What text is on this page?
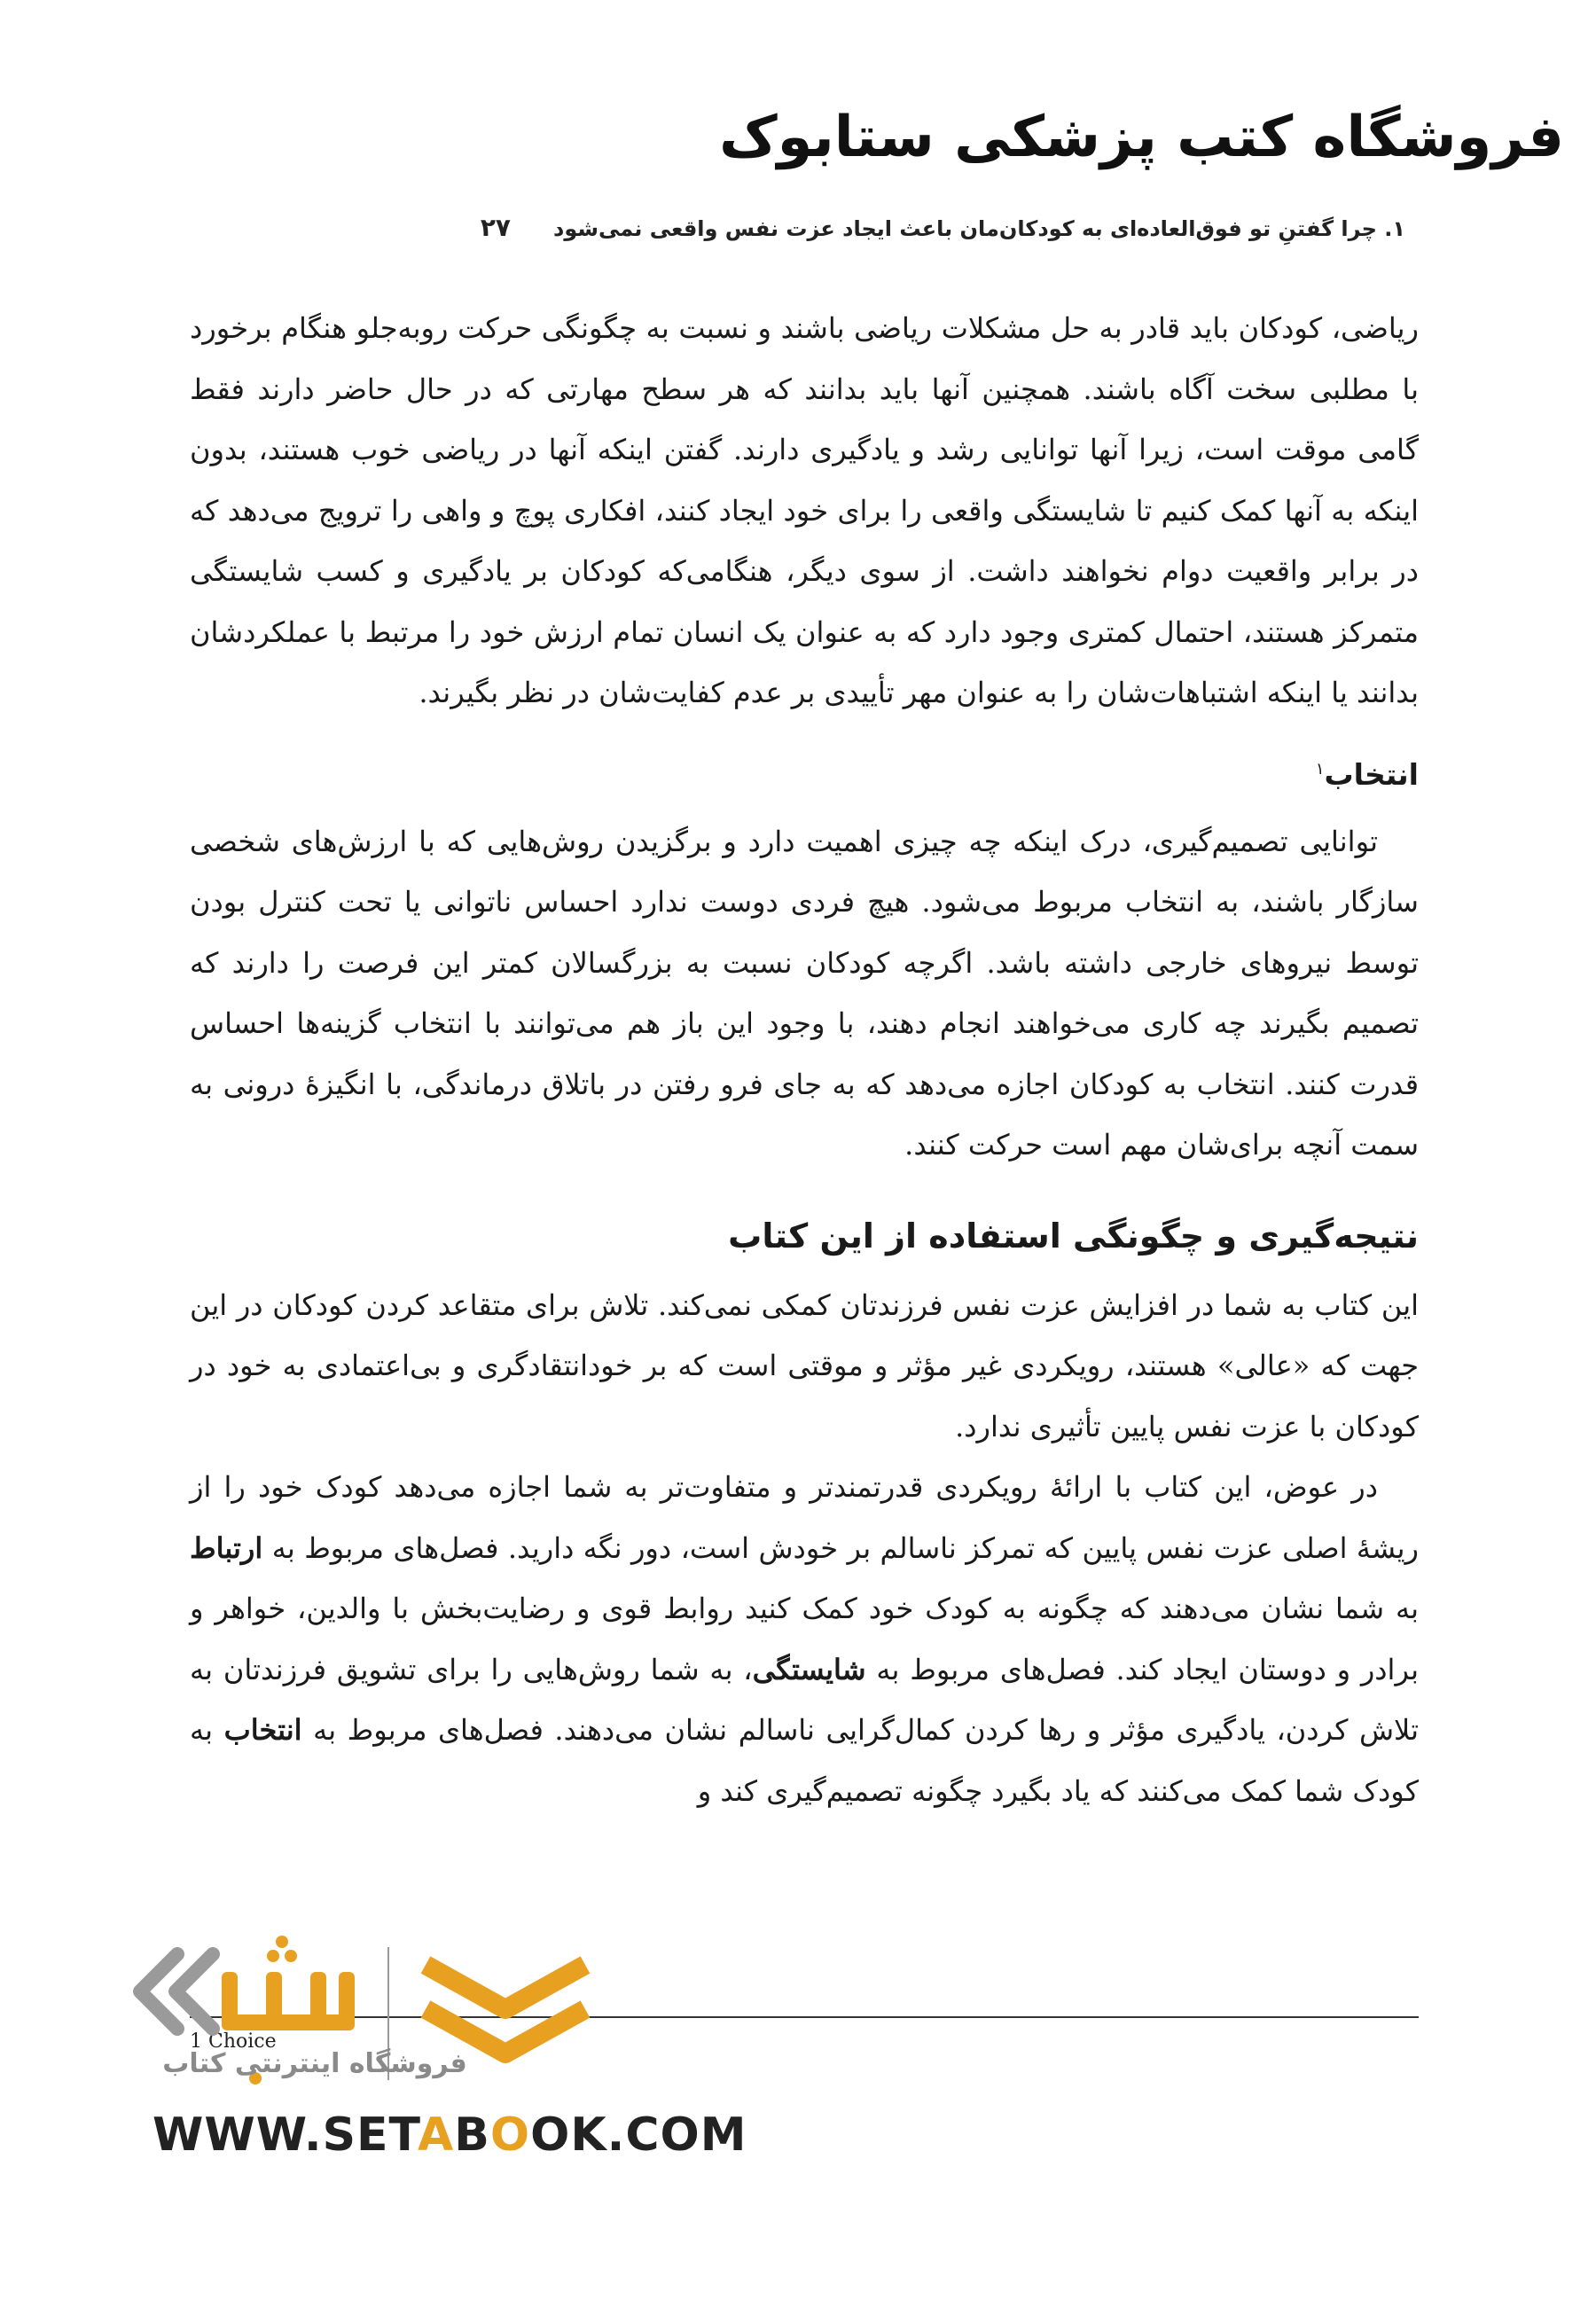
فروشگاه کتب پزشکی ستابوک
۱. چرا گفتنِ تو فوق‌العاده‌ای به کودکان‌مان باعث ایجاد عزت نفس واقعی نمی‌شود
۲۷

ریاضی، کودکان باید قادر به حل مشکلات ریاضی باشند و نسبت به چگونگی حرکت روبه‌جلو هنگام برخورد با مطلبی سخت آگاه باشند. همچنین آنها باید بدانند که هر سطح مهارتی که در حال حاضر دارند فقط گامی موقت است، زیرا آنها توانایی رشد و یادگیری دارند. گفتن اینکه آنها در ریاضی خوب هستند، بدون اینکه به آنها کمک کنیم تا شایستگی واقعی را برای خود ایجاد کنند، افکاری پوچ و واهی را ترویج می‌دهد که در برابر واقعیت دوام نخواهند داشت. از سوی دیگر، هنگامی‌که کودکان بر یادگیری و کسب شایستگی متمرکز هستند، احتمال کمتری وجود دارد که به عنوان یک انسان تمام ارزش خود را مرتبط با عملکردشان بدانند یا اینکه اشتباهات‌شان را به عنوان مهر تأییدی بر عدم کفایت‌شان در نظر بگیرند.

انتخاب$^۱$

توانایی تصمیم‌گیری، درک اینکه چه چیزی اهمیت دارد و برگزیدن روش‌هایی که با ارزش‌های شخصی سازگار باشند، به انتخاب مربوط می‌شود. هیچ فردی دوست ندارد احساس ناتوانی یا تحت کنترل بودن توسط نیروهای خارجی داشته باشد. اگرچه کودکان نسبت به بزرگسالان کمتر این فرصت را دارند که تصمیم بگیرند چه کاری می‌خواهند انجام دهند، با وجود این باز هم می‌توانند با انتخاب گزینه‌ها احساس قدرت کنند. انتخاب به کودکان اجازه می‌دهد که به جای فرو رفتن در باتلاق درماندگی، با انگیزهٔ درونی به سمت آنچه برای‌شان مهم است حرکت کنند.

نتیجه‌گیری و چگونگی استفاده از این کتاب

این کتاب به شما در افزایش عزت نفس فرزندتان کمکی نمی‌کند. تلاش برای متقاعد کردن کودکان در این جهت که «عالی» هستند، رویکردی غیر مؤثر و موقتی است که بر خودانتقادگری و بی‌اعتمادی به خود در کودکان با عزت نفس پایین تأثیری ندارد.

در عوض، این کتاب با ارائهٔ رویکردی قدرتمندتر و متفاوت‌تر به شما اجازه می‌دهد کودک خود را از ریشهٔ اصلی عزت نفس پایین که تمرکز ناسالم بر خودش است، دور نگه دارید. فصل‌های مربوط به ارتباط به شما نشان می‌دهند که چگونه به کودک خود کمک کنید روابط قوی و رضایت‌بخش با والدین، خواهر و برادر و دوستان ایجاد کند. فصل‌های مربوط به شایستگی، به شما روش‌هایی را برای تشویق فرزندتان به تلاش کردن، یادگیری مؤثر و رها کردن کمال‌گرایی ناسالم نشان می‌دهند. فصل‌های مربوط به انتخاب به کودک شما کمک می‌کنند که یاد بگیرد چگونه تصمیم‌گیری کند و

1 Choice
فروشگاه اینترنتی کتاب
WWW.SETABOOK.COM
